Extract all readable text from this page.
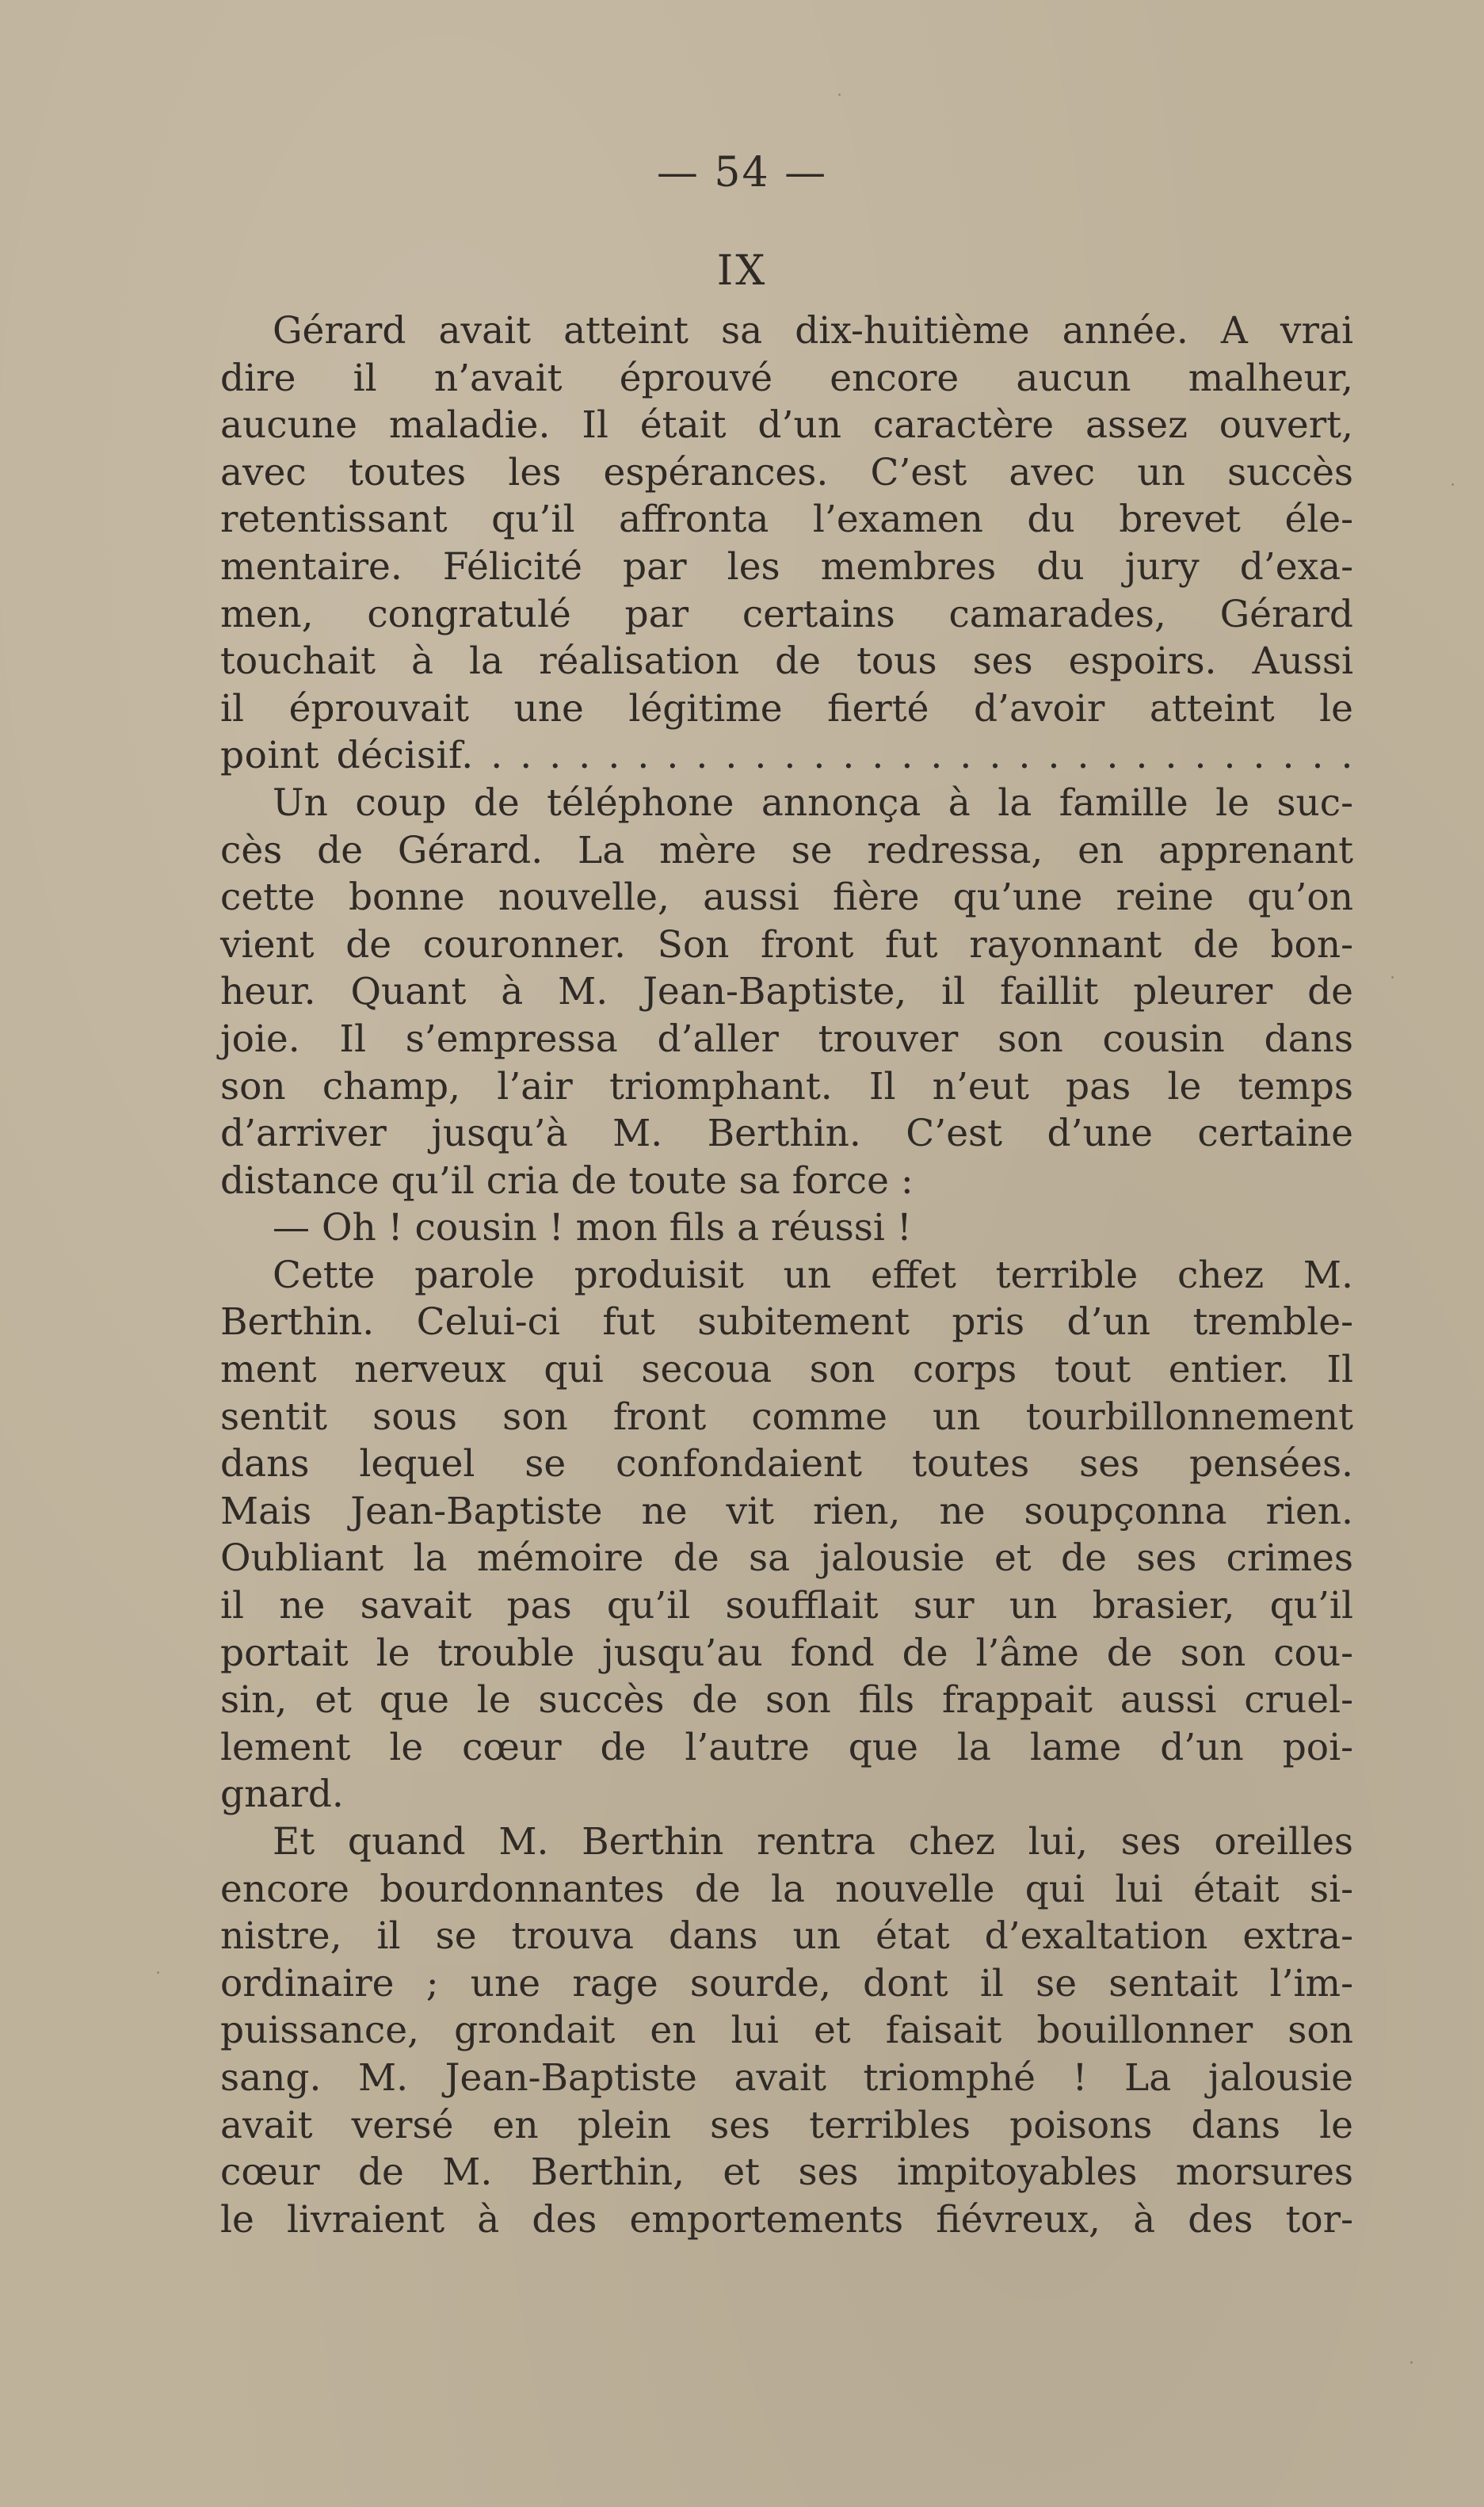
— 54 —
IX
Gérard avait atteint sa dix-huitième année. A vrai
dire il n’avait éprouvé encore aucun malheur,
aucune maladie. Il était d’un caractère assez ouvert,
avec toutes les espérances. C’est avec un succès
retentissant qu’il affronta l’examen du brevet éle-
mentaire. Félicité par les membres du jury d’exa-
men, congratulé par certains camarades, Gérard
touchait à la réalisation de tous ses espoirs. Aussi
il éprouvait une légitime fierté d’avoir atteint le
point décisif. . . . . . . . . . . . . . . . . . . . . . . . . . . . . . .
Un coup de téléphone annonça à la famille le suc-
cès de Gérard. La mère se redressa, en apprenant
cette bonne nouvelle, aussi fière qu’une reine qu’on
vient de couronner. Son front fut rayonnant de bon-
heur. Quant à M. Jean-Baptiste, il faillit pleurer de
joie. Il s’empressa d’aller trouver son cousin dans
son champ, l’air triomphant. Il n’eut pas le temps
d’arriver jusqu’à M. Berthin. C’est d’une certaine
distance qu’il cria de toute sa force :
— Oh ! cousin ! mon fils a réussi !
Cette parole produisit un effet terrible chez M.
Berthin. Celui-ci fut subitement pris d’un tremble-
ment nerveux qui secoua son corps tout entier. Il
sentit sous son front comme un tourbillonnement
dans lequel se confondaient toutes ses pensées.
Mais Jean-Baptiste ne vit rien, ne soupçonna rien.
Oubliant la mémoire de sa jalousie et de ses crimes
il ne savait pas qu’il soufflait sur un brasier, qu’il
portait le trouble jusqu’au fond de l’âme de son cou-
sin, et que le succès de son fils frappait aussi cruel-
lement le cœur de l’autre que la lame d’un poi-
gnard.
Et quand M. Berthin rentra chez lui, ses oreilles
encore bourdonnantes de la nouvelle qui lui était si-
nistre, il se trouva dans un état d’exaltation extra-
ordinaire ; une rage sourde, dont il se sentait l’im-
puissance, grondait en lui et faisait bouillonner son
sang. M. Jean-Baptiste avait triomphé ! La jalousie
avait versé en plein ses terribles poisons dans le
cœur de M. Berthin, et ses impitoyables morsures
le livraient à des emportements fiévreux, à des tor-
